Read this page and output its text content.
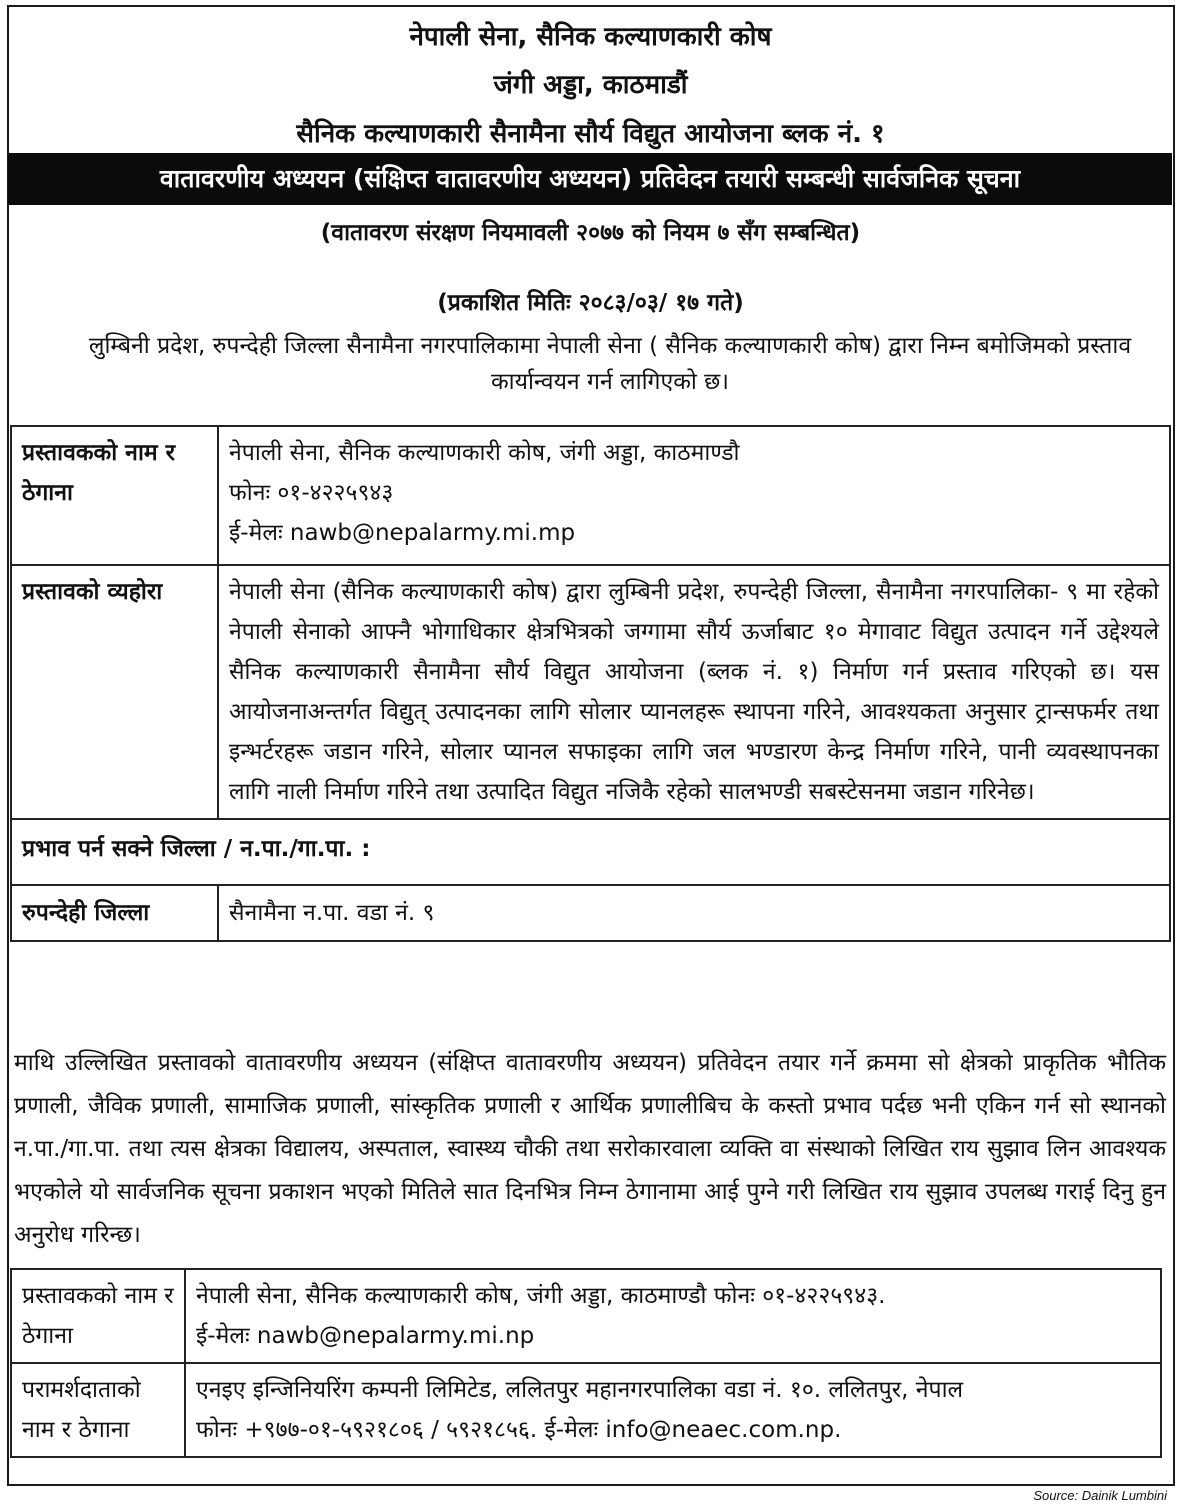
नेपाली सेना, सैनिक कल्याणकारी कोष
जंगी अड्डा, काठमाडौं
सैनिक कल्याणकारी सैनामैना सौर्य विद्युत आयोजना ब्लक नं. १
वातावरणीय अध्ययन (संक्षिप्त वातावरणीय अध्ययन) प्रतिवेदन तयारी सम्बन्धी सार्वजनिक सूचना
(वातावरण संरक्षण नियमावली २०७७ को नियम ७ सँग सम्बन्धित)
(प्रकाशित मितिः २०८३/०३/ १७ गते)
लुम्बिनी प्रदेश, रुपन्देही जिल्ला सैनामैना नगरपालिकामा नेपाली सेना ( सैनिक कल्याणकारी कोष) द्वारा निम्न बमोजिमको प्रस्ताव कार्यान्वयन गर्न लागिएको छ।
प्रस्तावकको नाम र ठेगाना	नेपाली सेना, सैनिक कल्याणकारी कोष, जंगी अड्डा, काठमाण्डौ
फोनः ०१-४२२५९४३
ई-मेलः nawb@nepalarmy.mi.mp

प्रस्तावको व्यहोरा	नेपाली सेना (सैनिक कल्याणकारी कोष) द्वारा लुम्बिनी प्रदेश, रुपन्देही जिल्ला, सैनामैना नगरपालिका- ९ मा रहेको नेपाली सेनाको आफ्नै भोगाधिकार क्षेत्रभित्रको जग्गामा सौर्य ऊर्जाबाट १० मेगावाट विद्युत उत्पादन गर्ने उद्देश्यले सैनिक कल्याणकारी सैनामैना सौर्य विद्युत आयोजना (ब्लक नं. १) निर्माण गर्न प्रस्ताव गरिएको छ। यस आयोजनाअन्तर्गत विद्युत् उत्पादनका लागि सोलार प्यानलहरू स्थापना गरिने, आवश्यकता अनुसार ट्रान्सफर्मर तथा इन्भर्टरहरू जडान गरिने, सोलार प्यानल सफाइका लागि जल भण्डारण केन्द्र निर्माण गरिने, पानी व्यवस्थापनका लागि नाली निर्माण गरिने तथा उत्पादित विद्युत नजिकै रहेको सालभण्डी सबस्टेसनमा जडान गरिनेछ।
प्रभाव पर्न सक्ने जिल्ला / न.पा./गा.पा. :	
रुपन्देही जिल्ला	सैनामैना न.पा. वडा नं. ९
माथि उल्लिखित प्रस्तावको वातावरणीय अध्ययन (संक्षिप्त वातावरणीय अध्ययन) प्रतिवेदन तयार गर्ने क्रममा सो क्षेत्रको प्राकृतिक भौतिक प्रणाली, जैविक प्रणाली, सामाजिक प्रणाली, सांस्कृतिक प्रणाली र आर्थिक प्रणालीबिच के कस्तो प्रभाव पर्दछ भनी एकिन गर्न सो स्थानको न.पा./गा.पा. तथा त्यस क्षेत्रका विद्यालय, अस्पताल, स्वास्थ्य चौकी तथा सरोकारवाला व्यक्ति वा संस्थाको लिखित राय सुझाव लिन आवश्यक भएकोले यो सार्वजनिक सूचना प्रकाशन भएको मितिले सात दिनभित्र निम्न ठेगानामा आई पुग्ने गरी लिखित राय सुझाव उपलब्ध गराई दिनु हुन अनुरोध गरिन्छ।
प्रस्तावकको नाम र ठेगाना	नेपाली सेना, सैनिक कल्याणकारी कोष, जंगी अड्डा, काठमाण्डौ फोनः ०१-४२२५९४३.
ई-मेलः nawb@nepalarmy.mi.np

परामर्शदाताको नाम र ठेगाना	एनइए इन्जिनियरिंग कम्पनी लिमिटेड, ललितपुर महानगरपालिका वडा नं. १०. ललितपुर, नेपाल
फोनः +९७७-०१-५९२१८०६ / ५९२१८५६. ई-मेलः info@neaec.com.np.
Source: Dainik Lumbini
